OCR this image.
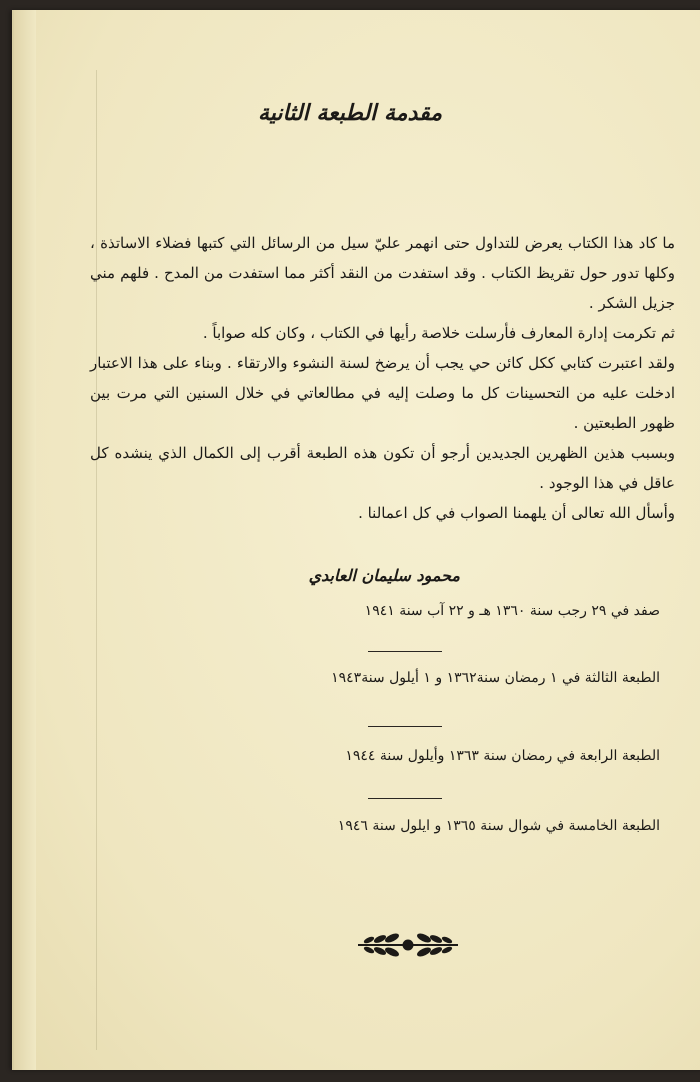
مقدمة الطبعة الثانية

ما كاد هذا الكتاب يعرض للتداول حتى انهمر عليّ سيل من الرسائل التي كتبها فضلاء الاساتذة ، وكلها تدور حول تقريظ الكتاب . وقد استفدت من النقد أكثر مما استفدت من المدح . فلهم مني جزيل الشكر .

ثم تكرمت إدارة المعارف فأرسلت خلاصة رأيها في الكتاب ، وكان كله صواباً .

ولقد اعتبرت كتابي ككل كائن حي يجب أن يرضخ لسنة النشوء والارتقاء . وبناء على هذا الاعتبار ادخلت عليه من التحسينات كل ما وصلت إليه في مطالعاتي في خلال السنين التي مرت بين ظهور الطبعتين .

وبسبب هذين الظهرين الجديدين أرجو أن تكون هذه الطبعة أقرب إلى الكمال الذي ينشده كل عاقل في هذا الوجود .

وأسأل الله تعالى أن يلهمنا الصواب في كل اعمالنا .

محمود سليمان العابدي
صفد في ٢٩ رجب سنة ١٣٦٠ هـ و ٢٢ آب سنة ١٩٤١
الطبعة الثالثة في ١ رمضان سنة١٣٦٢ و ١ أيلول سنة١٩٤٣
الطبعة الرابعة في رمضان سنة ١٣٦٣ وأيلول سنة ١٩٤٤
الطبعة الخامسة في شوال سنة ١٣٦٥ و ايلول سنة ١٩٤٦
